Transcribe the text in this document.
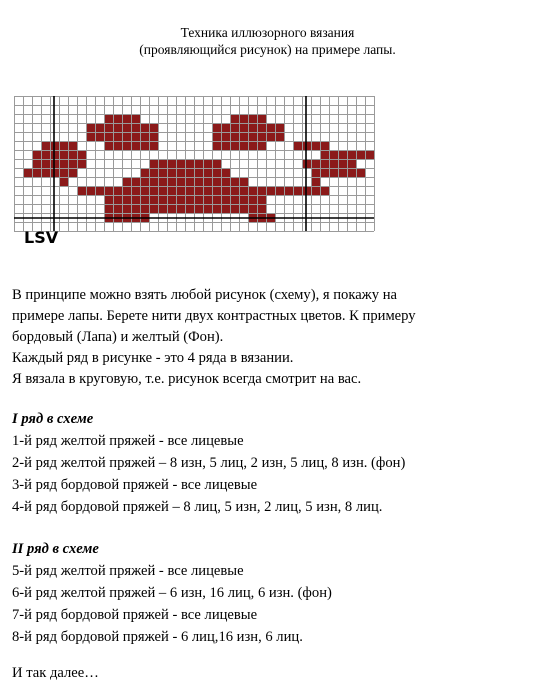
Техника иллюзорного вязания
(проявляющийся рисунок) на примере лапы.
LSV
В принципе можно взять любой рисунок (схему), я покажу на
примере лапы. Берете нити двух контрастных цветов. К примеру
бордовый (Лапа) и желтый (Фон).
Каждый ряд в рисунке - это 4 ряда в вязании.
Я вязала в круговую, т.е. рисунок всегда смотрит на вас.
I ряд в схеме
1-й ряд желтой пряжей - все лицевые
2-й ряд желтой пряжей – 8 изн, 5 лиц, 2 изн, 5 лиц, 8 изн. (фон)
3-й ряд бордовой пряжей - все лицевые
4-й ряд бордовой пряжей – 8 лиц, 5 изн, 2 лиц, 5 изн, 8 лиц.
II ряд в схеме
5-й ряд желтой пряжей - все лицевые
6-й ряд желтой пряжей – 6 изн, 16 лиц, 6 изн. (фон)
7-й ряд бордовой пряжей - все лицевые
8-й ряд бордовой пряжей - 6 лиц,16 изн, 6 лиц.
И так далее…
